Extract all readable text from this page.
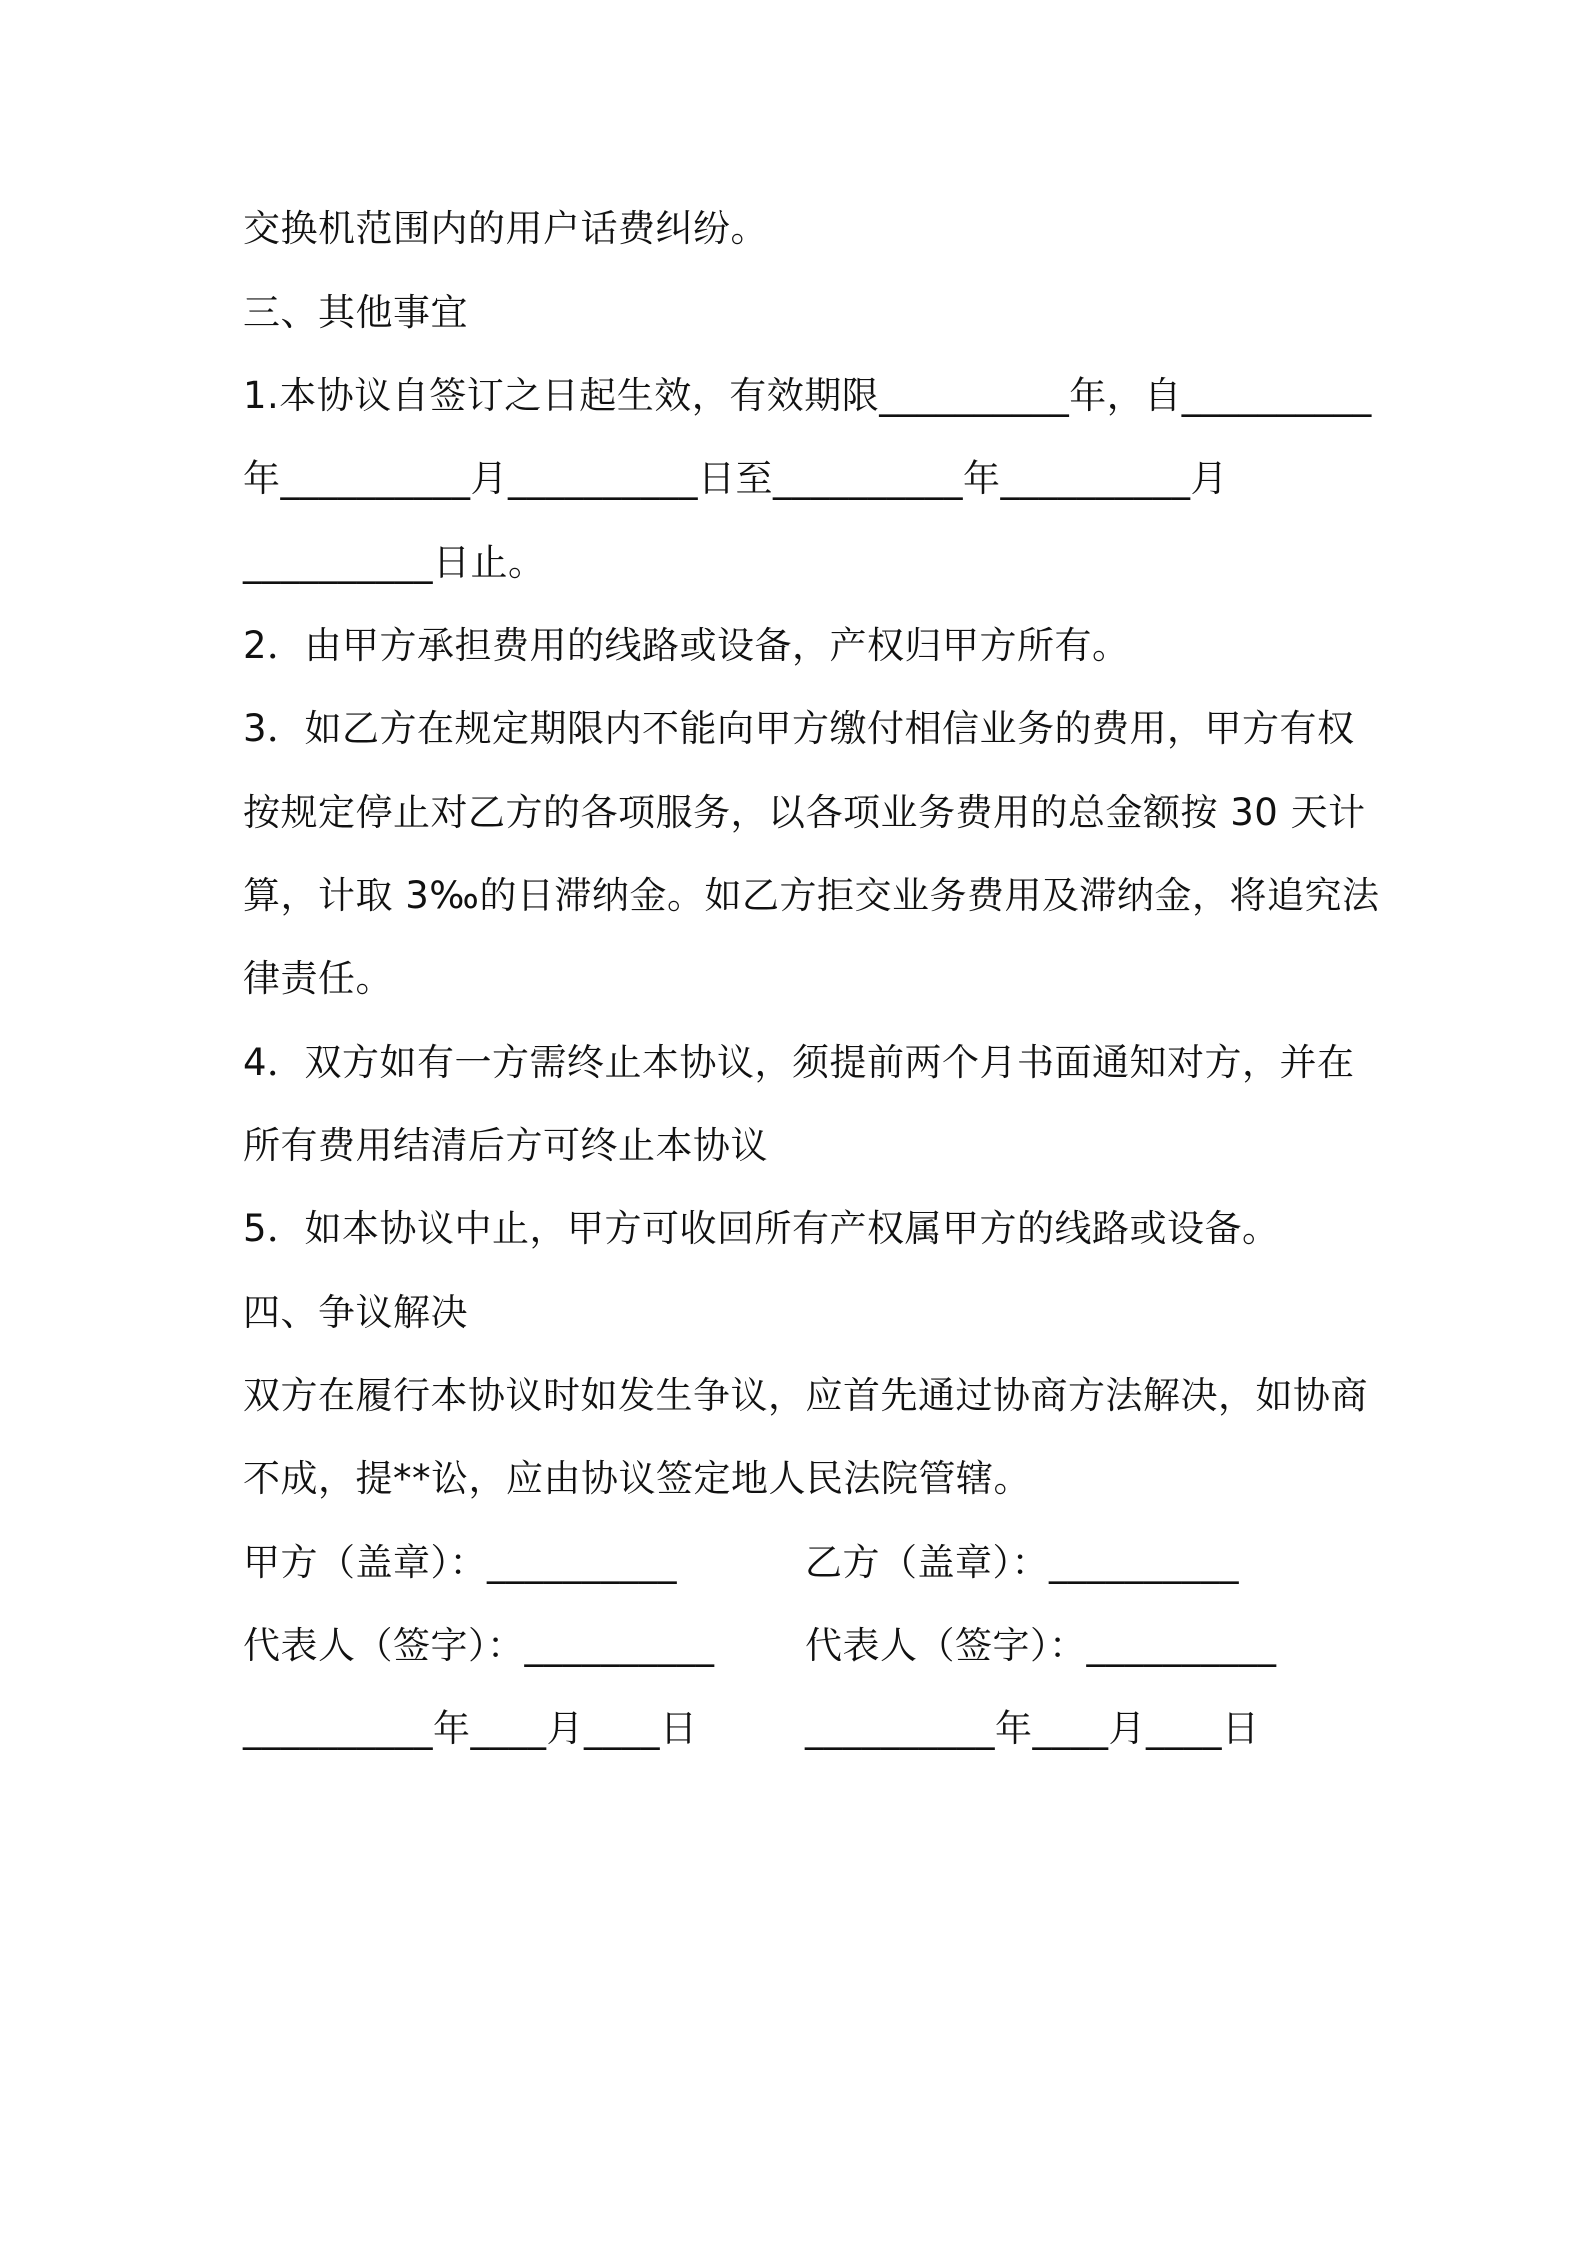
交换机范围内的用户话费纠纷。
三、其他事宜
1.本协议自签订之日起生效，有效期限__________年，自__________
年__________月__________日至__________年__________月
__________日止。
2．由甲方承担费用的线路或设备，产权归甲方所有。
3．如乙方在规定期限内不能向甲方缴付相信业务的费用，甲方有权
按规定停止对乙方的各项服务，以各项业务费用的总金额按 30 天计
算，计取 3‰的日滞纳金。如乙方拒交业务费用及滞纳金，将追究法
律责任。
4．双方如有一方需终止本协议，须提前两个月书面通知对方，并在
所有费用结清后方可终止本协议
5．如本协议中止，甲方可收回所有产权属甲方的线路或设备。
四、争议解决
双方在履行本协议时如发生争议，应首先通过协商方法解决，如协商
不成，提**讼，应由协议签定地人民法院管辖。
甲方（盖章）：__________	乙方（盖章）：__________
代表人（签字）：__________	代表人（签字）：__________
__________年____月____日	__________年____月____日
